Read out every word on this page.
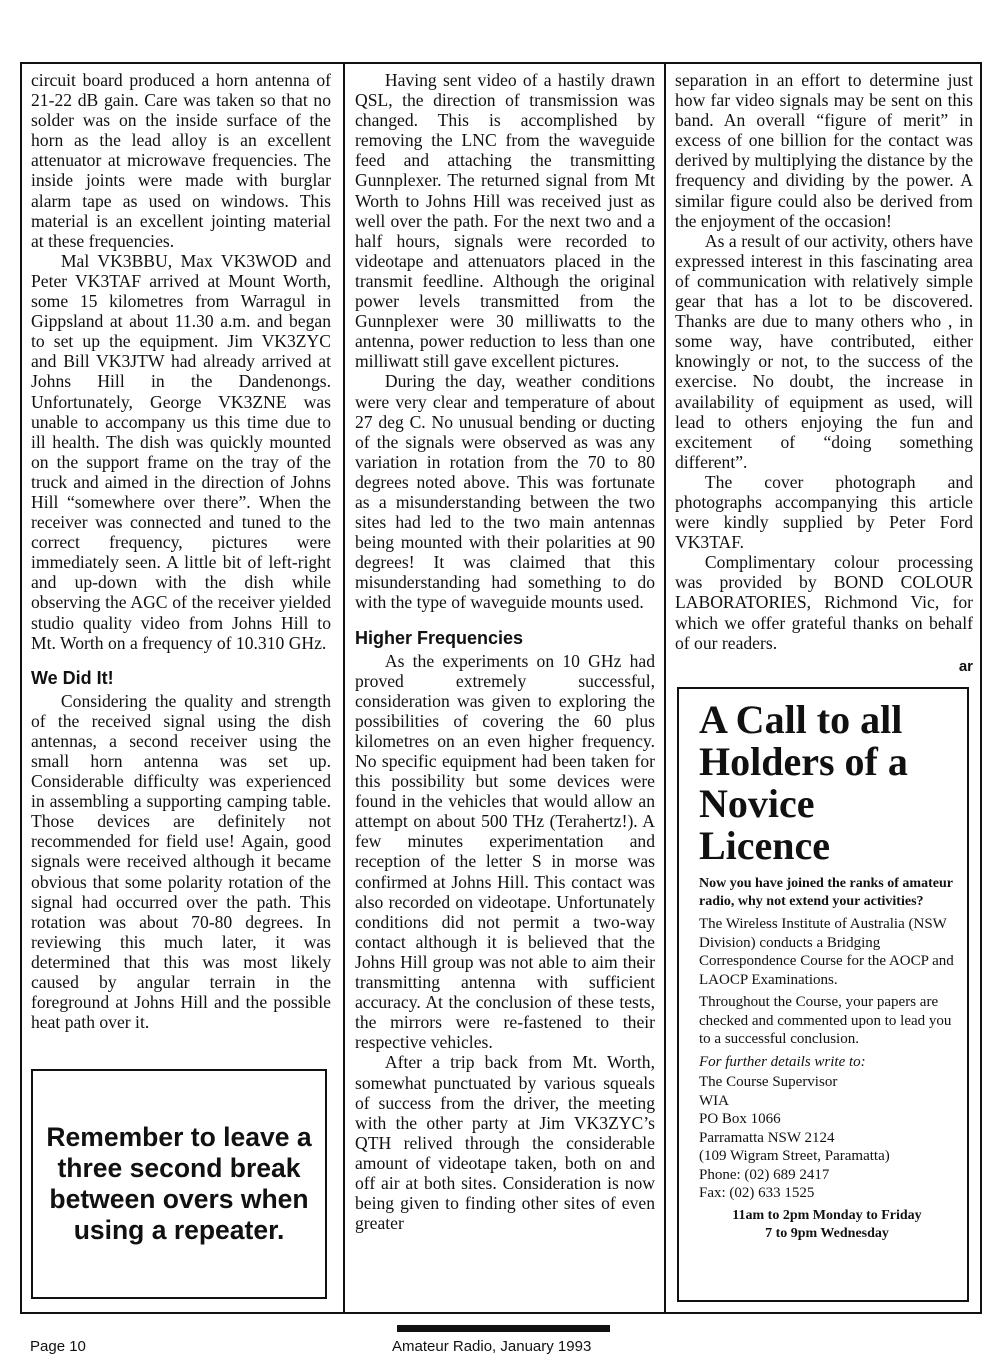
circuit board produced a horn antenna of 21-22 dB gain. Care was taken so that no solder was on the inside surface of the horn as the lead alloy is an excellent attenuator at microwave frequencies. The inside joints were made with burglar alarm tape as used on windows. This material is an excellent jointing material at these frequencies.

Mal VK3BBU, Max VK3WOD and Peter VK3TAF arrived at Mount Worth, some 15 kilometres from Warragul in Gippsland at about 11.30 a.m. and began to set up the equipment. Jim VK3ZYC and Bill VK3JTW had already arrived at Johns Hill in the Dandenongs. Unfortunately, George VK3ZNE was unable to accompany us this time due to ill health. The dish was quickly mounted on the support frame on the tray of the truck and aimed in the direction of Johns Hill “somewhere over there”. When the receiver was connected and tuned to the correct frequency, pictures were immediately seen. A little bit of left-right and up-down with the dish while observing the AGC of the receiver yielded studio quality video from Johns Hill to Mt. Worth on a frequency of 10.310 GHz.

We Did It!

Considering the quality and strength of the received signal using the dish antennas, a second receiver using the small horn antenna was set up. Considerable difficulty was experienced in assembling a supporting camping table. Those devices are definitely not recommended for field use! Again, good signals were received although it became obvious that some polarity rotation of the signal had occurred over the path. This rotation was about 70-80 degrees. In reviewing this much later, it was determined that this was most likely caused by angular terrain in the foreground at Johns Hill and the possible heat path over it.

Remember to leave a three second break between overs when using a repeater.

Having sent video of a hastily drawn QSL, the direction of transmission was changed. This is accomplished by removing the LNC from the waveguide feed and attaching the transmitting Gunnplexer. The returned signal from Mt Worth to Johns Hill was received just as well over the path. For the next two and a half hours, signals were recorded to videotape and attenuators placed in the transmit feedline. Although the original power levels transmitted from the Gunnplexer were 30 milliwatts to the antenna, power reduction to less than one milliwatt still gave excellent pictures.

During the day, weather conditions were very clear and temperature of about 27 deg C. No unusual bending or ducting of the signals were observed as was any variation in rotation from the 70 to 80 degrees noted above. This was fortunate as a misunderstanding between the two sites had led to the two main antennas being mounted with their polarities at 90 degrees! It was claimed that this misunderstanding had something to do with the type of waveguide mounts used.

Higher Frequencies

As the experiments on 10 GHz had proved extremely successful, consideration was given to exploring the possibilities of covering the 60 plus kilometres on an even higher frequency. No specific equipment had been taken for this possibility but some devices were found in the vehicles that would allow an attempt on about 500 THz (Terahertz!). A few minutes experimentation and reception of the letter S in morse was confirmed at Johns Hill. This contact was also recorded on videotape. Unfortunately conditions did not permit a two-way contact although it is believed that the Johns Hill group was not able to aim their transmitting antenna with sufficient accuracy. At the conclusion of these tests, the mirrors were re-fastened to their respective vehicles.

After a trip back from Mt. Worth, somewhat punctuated by various squeals of success from the driver, the meeting with the other party at Jim VK3ZYC’s QTH relived through the considerable amount of videotape taken, both on and off air at both sites. Consideration is now being given to finding other sites of even greater

separation in an effort to determine just how far video signals may be sent on this band. An overall “figure of merit” in excess of one billion for the contact was derived by multiplying the distance by the frequency and dividing by the power. A similar figure could also be derived from the enjoyment of the occasion!

As a result of our activity, others have expressed interest in this fascinating area of communication with relatively simple gear that has a lot to be discovered. Thanks are due to many others who , in some way, have contributed, either knowingly or not, to the success of the exercise. No doubt, the increase in availability of equipment as used, will lead to others enjoying the fun and excitement of “doing something different”.

The cover photograph and photographs accompanying this article were kindly supplied by Peter Ford VK3TAF.

Complimentary colour processing was provided by BOND COLOUR LABORATORIES, Richmond Vic, for which we offer grateful thanks on behalf of our readers.

ar
A Call to all Holders of a Novice Licence
Now you have joined the ranks of amateur radio, why not extend your activities?
The Wireless Institute of Australia (NSW Division) conducts a Bridging Correspondence Course for the AOCP and LAOCP Examinations.
Throughout the Course, your papers are checked and commented upon to lead you to a successful conclusion.
For further details write to:
The Course Supervisor
WIA
PO Box 1066
Parramatta NSW 2124
(109 Wigram Street, Paramatta)
Phone: (02) 689 2417
Fax: (02) 633 1525
11am to 2pm Monday to Friday
7 to 9pm Wednesday
Page 10	Amateur Radio, January 1993
